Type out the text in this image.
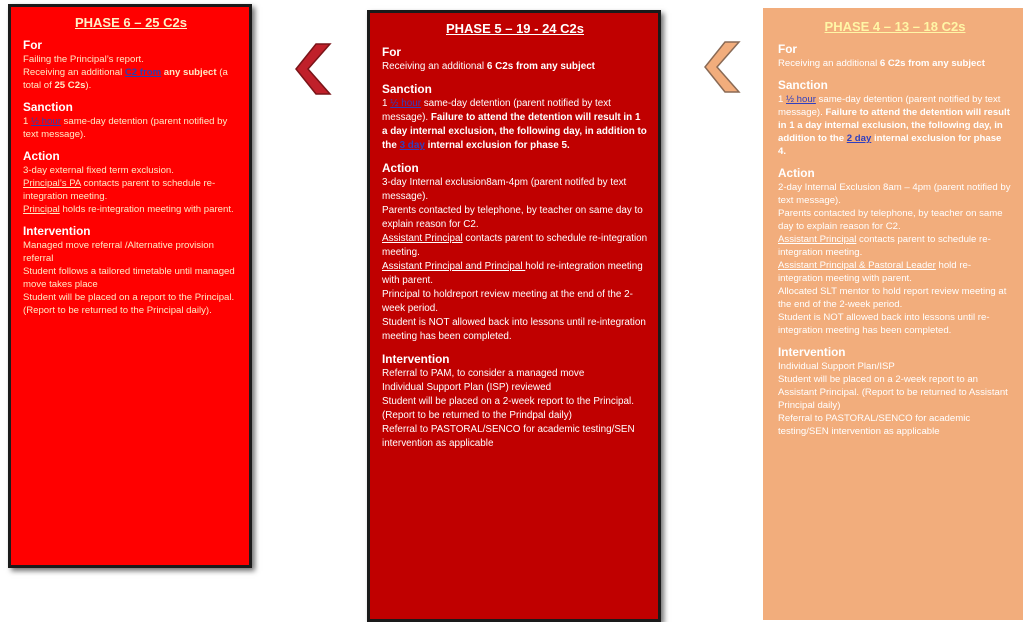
PHASE 6 – 25 C2s
For

Failing the Principal’s report.

Receiving an additional C2 from any subject (a total of 25 C2s).

Sanction

1 ½ hour same-day detention (parent notified by text message).

Action

3-day external fixed term exclusion.

Principal’s PA contacts parent to schedule re-integration meeting.

Principal holds re-integration meeting with parent.

Intervention

Managed move referral /Alternative provision referral

Student follows a tailored timetable until managed move takes place

Student will be placed on a report to the Principal. (Report to be returned to the Principal daily).

PHASE 5 – 19 - 24 C2s
For

Receiving an additional 6 C2s from any subject

Sanction

1 ½ hour same-day detention (parent notified by text message). Failure to attend the detention will result in 1 a day internal exclusion, the following day, in addition to the 3 day internal exclusion for phase 5.

Action

3-day Internal exclusion8am-4pm (parent notifed by text message).

Parents contacted by telephone, by teacher on same day to explain reason for C2.

Assistant Principal contacts parent to schedule re-integration meeting.

Assistant Principal and Principal hold re-integration meeting with parent.

Principal to holdreport review meeting at the end of the 2-week period.

Student is NOT allowed back into lessons until re-integration meeting has been completed.

Intervention

Referral to PAM, to consider a managed move

Individual Support Plan (ISP) reviewed

Student will be placed on a 2-week report to the Principal. (Report to be returned to the Prindpal daily)

Referral to PASTORAL/SENCO for academic testing/SEN intervention as applicable

PHASE 4 – 13 – 18 C2s
For

Receiving an additional 6 C2s from any subject

Sanction

1 ½ hour same-day detention (parent notified by text message). Failure to attend the detention will result in 1 a day internal exclusion, the following day, in addition to the 2 day internal exclusion for phase 4.

Action

2-day Internal Exclusion 8am – 4pm (parent notified by text message).

Parents contacted by telephone, by teacher on same day to explain reason for C2.

Assistant Principal contacts parent to schedule re-integration meeting.

Assistant Principal & Pastoral Leader hold re-integration meeting with parent.

Allocated SLT mentor to hold report review meeting at the end of the 2-week period.

Student is NOT allowed back into lessons until re-integration meeting has been completed.

Intervention

Individual Support Plan/ISP

Student will be placed on a 2-week report to an Assistant Principal. (Report to be returned to Assistant Principal daily)

Referral to PASTORAL/SENCO for academic testing/SEN intervention as applicable
